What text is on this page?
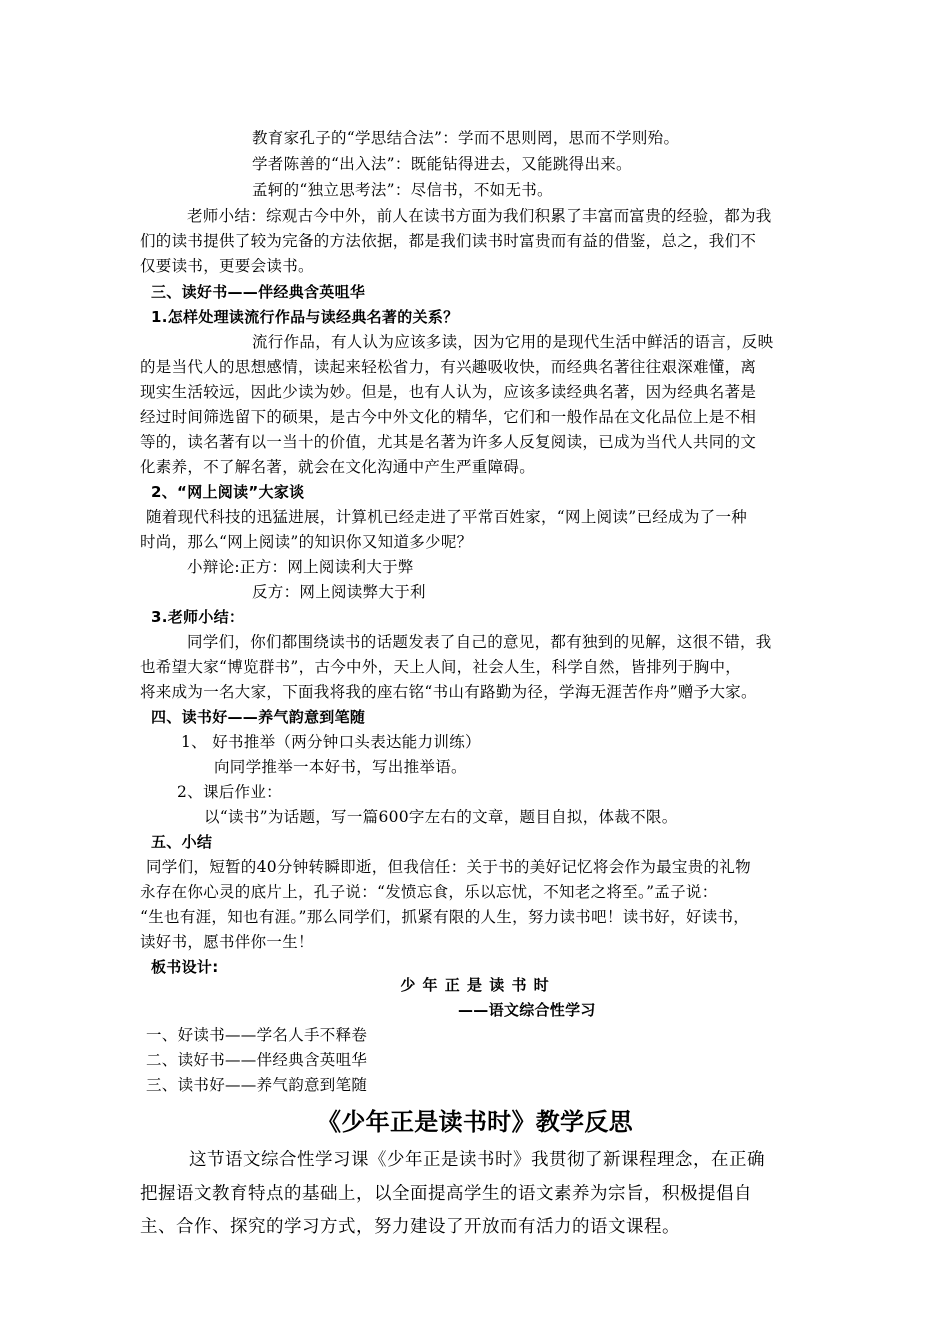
教育家孔子的“学思结合法”：学而不思则罔，思而不学则殆。
学者陈善的“出入法”：既能钻得进去，又能跳得出来。
孟轲的“独立思考法”：尽信书，不如无书。
老师小结：综观古今中外，前人在读书方面为我们积累了丰富而富贵的经验，都为我
们的读书提供了较为完备的方法依据，都是我们读书时富贵而有益的借鉴，总之，我们不
仅要读书，更要会读书。
三、读好书——伴经典含英咀华
1.怎样处理读流行作品与读经典名著的关系？
流行作品，有人认为应该多读，因为它用的是现代生活中鲜活的语言，反映
的是当代人的思想感情，读起来轻松省力，有兴趣吸收快，而经典名著往往艰深难懂，离
现实生活较远，因此少读为妙。但是，也有人认为，应该多读经典名著，因为经典名著是
经过时间筛选留下的硕果，是古今中外文化的精华，它们和一般作品在文化品位上是不相
等的，读名著有以一当十的价值，尤其是名著为许多人反复阅读，已成为当代人共同的文
化素养，不了解名著，就会在文化沟通中产生严重障碍。
2、“网上阅读”大家谈
随着现代科技的迅猛进展，计算机已经走进了平常百姓家，“网上阅读”已经成为了一种
时尚，那么“网上阅读”的知识你又知道多少呢？
小辩论:正方：网上阅读利大于弊
反方：网上阅读弊大于利
3.老师小结：
同学们，你们都围绕读书的话题发表了自己的意见，都有独到的见解，这很不错，我
也希望大家“博览群书”，古今中外，天上人间，社会人生，科学自然，皆排列于胸中，
将来成为一名大家，下面我将我的座右铭“书山有路勤为径，学海无涯苦作舟”赠予大家。
四、读书好——养气韵意到笔随
1、 好书推举（两分钟口头表达能力训练）
向同学推举一本好书，写出推举语。
2、课后作业：
以“读书”为话题，写一篇600字左右的文章，题目自拟，体裁不限。
五、小结
同学们，短暂的40分钟转瞬即逝，但我信任：关于书的美好记忆将会作为最宝贵的礼物
永存在你心灵的底片上，孔子说：“发愤忘食，乐以忘忧，不知老之将至。”孟子说：
“生也有涯，知也有涯。”那么同学们，抓紧有限的人生，努力读书吧！读书好，好读书，
读好书，愿书伴你一生！
板书设计:
少 年 正 是 读 书 时
——语文综合性学习
一、好读书——学名人手不释卷
二、读好书——伴经典含英咀华
三、读书好——养气韵意到笔随
《少年正是读书时》教学反思
这节语文综合性学习课《少年正是读书时》我贯彻了新课程理念，在正确
把握语文教育特点的基础上，以全面提高学生的语文素养为宗旨，积极提倡自
主、合作、探究的学习方式，努力建设了开放而有活力的语文课程。
